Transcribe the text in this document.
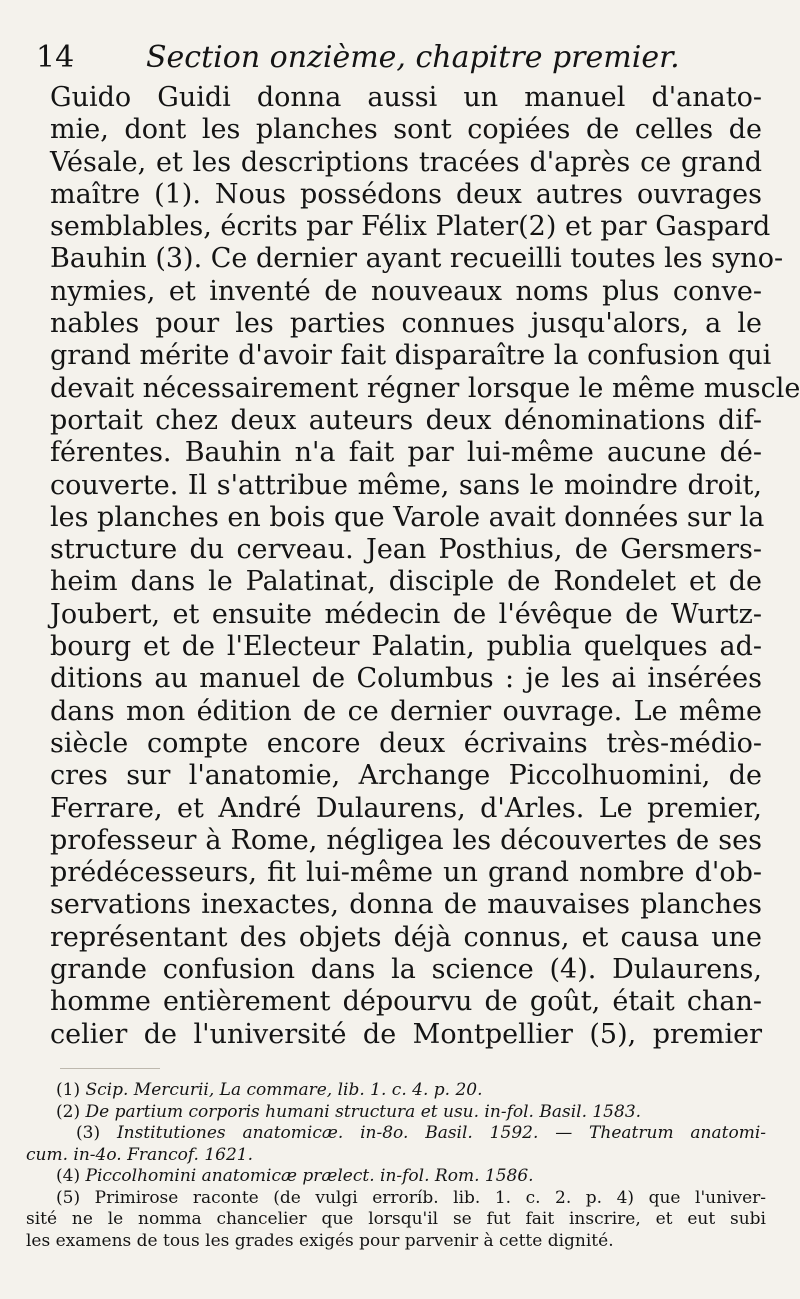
14 Section onzième, chapitre premier.
Guido Guidi donna aussi un manuel d'anato-
mie, dont les planches sont copiées de celles de
Vésale, et les descriptions tracées d'après ce grand
maître (1). Nous possédons deux autres ouvrages
semblables, écrits par Félix Plater(2) et par Gaspard
Bauhin (3). Ce dernier ayant recueilli toutes les syno-
nymies, et inventé de nouveaux noms plus conve-
nables pour les parties connues jusqu'alors, a le
grand mérite d'avoir fait disparaître la confusion qui
devait nécessairement régner lorsque le même muscle
portait chez deux auteurs deux dénominations dif-
férentes. Bauhin n'a fait par lui-même aucune dé-
couverte. Il s'attribue même, sans le moindre droit,
les planches en bois que Varole avait données sur la
structure du cerveau. Jean Posthius, de Gersmers-
heim dans le Palatinat, disciple de Rondelet et de
Joubert, et ensuite médecin de l'évêque de Wurtz-
bourg et de l'Electeur Palatin, publia quelques ad-
ditions au manuel de Columbus : je les ai insérées
dans mon édition de ce dernier ouvrage. Le même
siècle compte encore deux écrivains très-médio-
cres sur l'anatomie, Archange Piccolhuomini, de
Ferrare, et André Dulaurens, d'Arles. Le premier,
professeur à Rome, négligea les découvertes de ses
prédécesseurs, fit lui-même un grand nombre d'ob-
servations inexactes, donna de mauvaises planches
représentant des objets déjà connus, et causa une
grande confusion dans la science (4). Dulaurens,
homme entièrement dépourvu de goût, était chan-
celier de l'université de Montpellier (5), premier
(1) Scip. Mercurii, La commare, lib. 1. c. 4. p. 20.
(2) De partium corporis humani structura et usu. in-fol. Basil. 1583.
(3) Institutiones anatomicæ. in-8o. Basil. 1592. — Theatrum anatomi-
cum. in-4o. Francof. 1621.
(4) Piccolhomini anatomicæ prælect. in-fol. Rom. 1586.
(5) Primirose raconte (de vulgi erroríb. lib. 1. c. 2. p. 4) que l'univer-
sité ne le nomma chancelier que lorsqu'il se fut fait inscrire, et eut subi
les examens de tous les grades exigés pour parvenir à cette dignité.
